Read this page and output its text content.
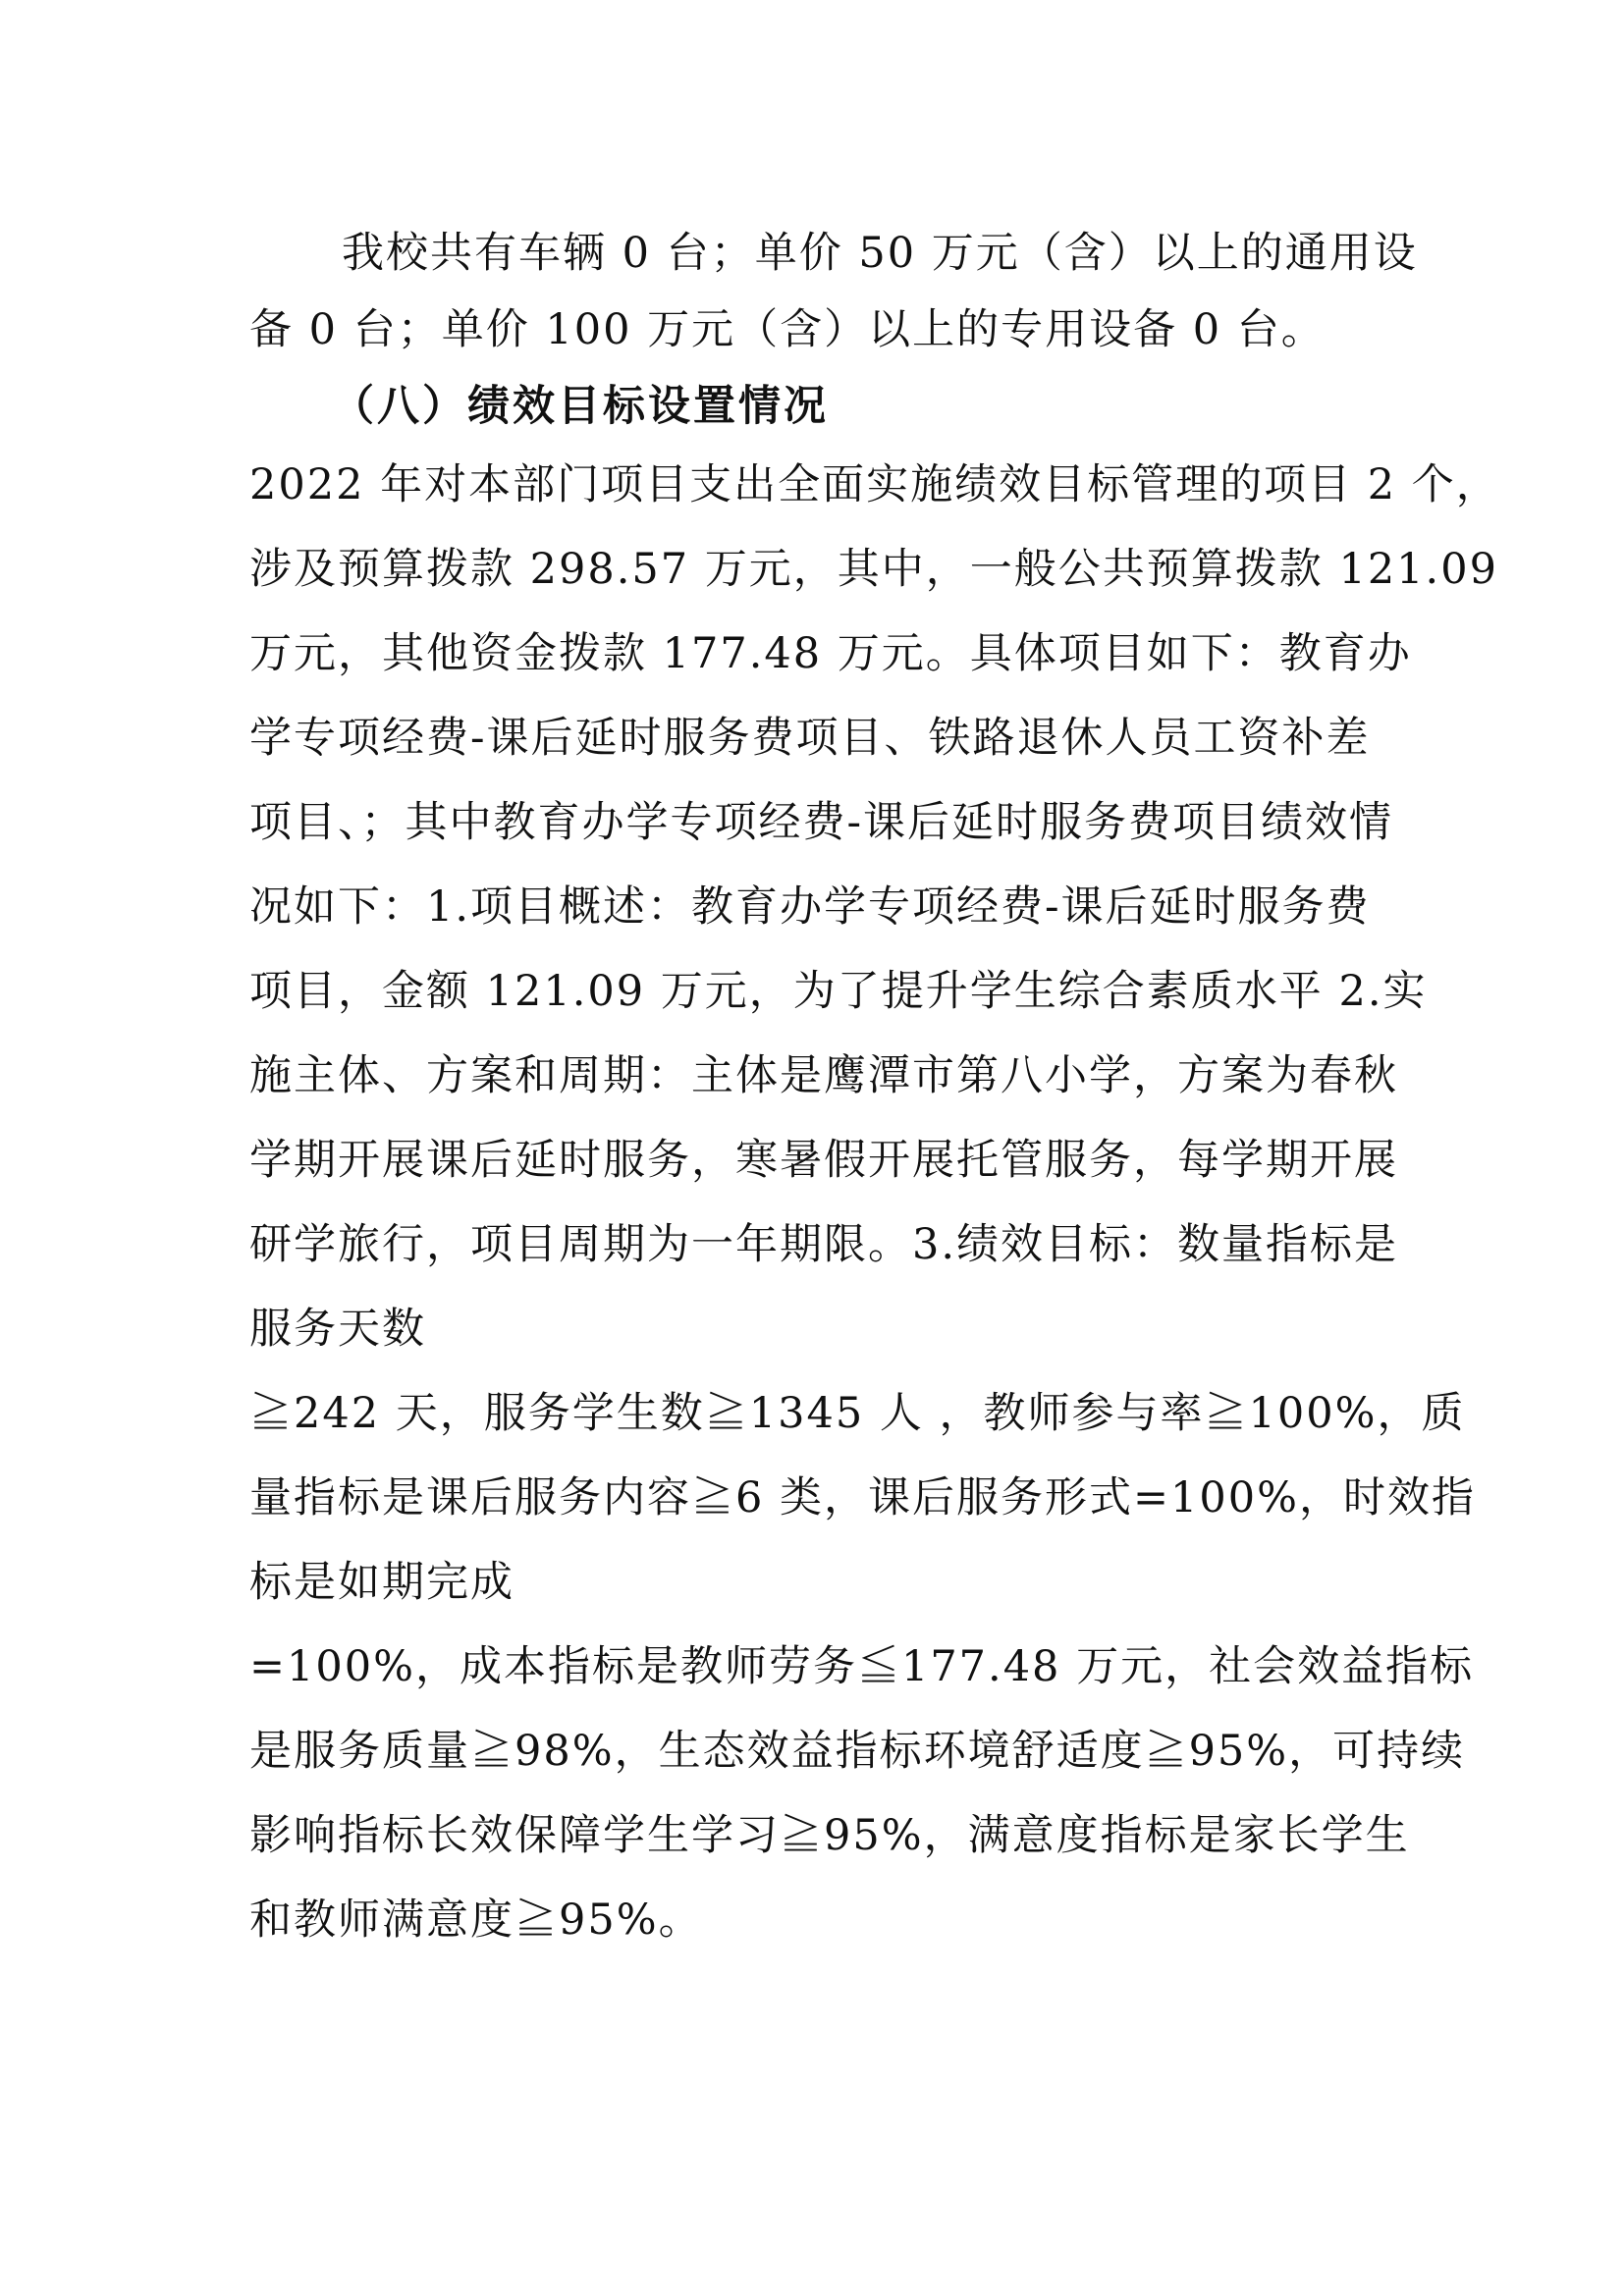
我校共有车辆 0 台；单价 50 万元（含）以上的通用设
备 0 台；单价 100 万元（含）以上的专用设备 0 台。
（八）绩效目标设置情况
2022 年对本部门项目支出全面实施绩效目标管理的项目 2 个，
涉及预算拨款 298.57 万元，其中，一般公共预算拨款 121.09
万元，其他资金拨款 177.48 万元。具体项目如下：教育办
学专项经费-课后延时服务费项目、铁路退休人员工资补差
项目、；其中教育办学专项经费-课后延时服务费项目绩效情
况如下：1.项目概述：教育办学专项经费-课后延时服务费
项目，金额 121.09 万元，为了提升学生综合素质水平 2.实
施主体、方案和周期：主体是鹰潭市第八小学，方案为春秋
学期开展课后延时服务，寒暑假开展托管服务，每学期开展
研学旅行，项目周期为一年期限。3.绩效目标：数量指标是
服务天数
≧242 天，服务学生数≧1345 人 ，教师参与率≧100%，质
量指标是课后服务内容≧6 类，课后服务形式=100%，时效指
标是如期完成
=100%，成本指标是教师劳务≦177.48 万元，社会效益指标
是服务质量≧98%，生态效益指标环境舒适度≧95%，可持续
影响指标长效保障学生学习≧95%，满意度指标是家长学生
和教师满意度≧95%。
